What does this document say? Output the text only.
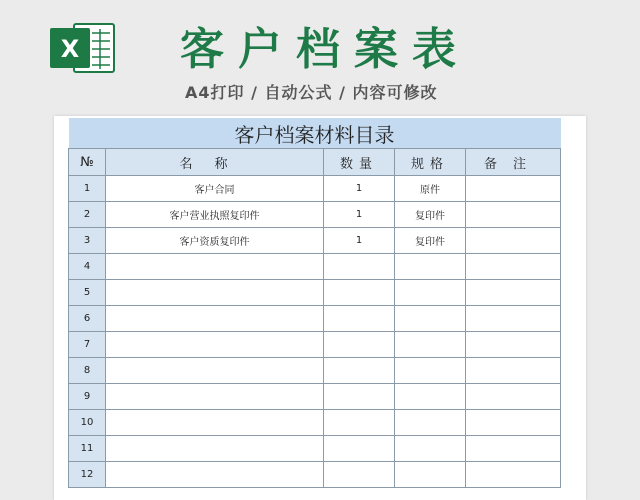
X 客户档案表
A4打印 / 自动公式 / 内容可修改
客户档案材料目录				
№	名称	数量	规格	备注
1	客户合同	1	原件	
2	客户营业执照复印件	1	复印件	
3	客户资质复印件	1	复印件	
4				
5				
6				
7				
8				
9				
10				
11				
12				
